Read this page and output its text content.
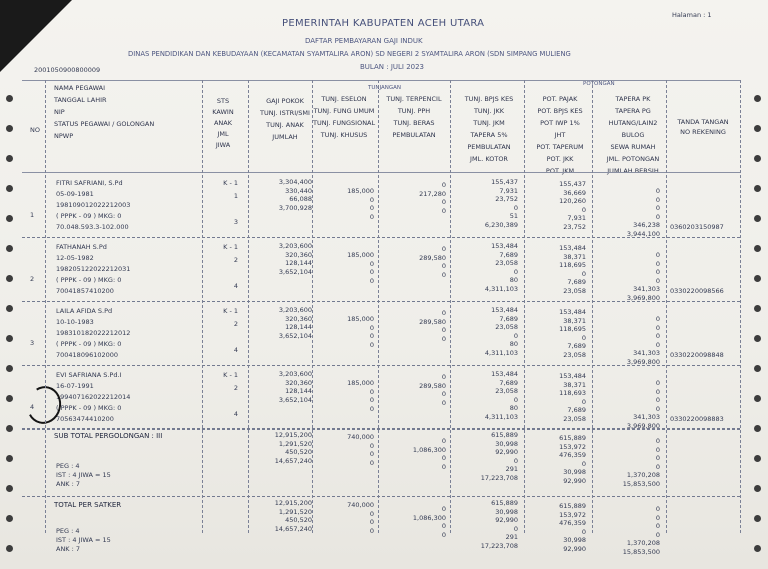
PEMERINTAH KABUPATEN ACEH UTARA
DAFTAR PEMBAYARAN GAJI INDUK
DINAS PENDIDIKAN DAN KEBUDAYAAN (KECAMATAN SYAMTALIRA ARON) SD NEGERI 2 SYAMTALIRA ARON (SDN SIMPANG MULIENG
BULAN : JULI 2023
Halaman : 1
2001050900800009
NO
NAMA PEGAWAI
TANGGAL LAHIR
NIP
STATUS PEGAWAI / GOLONGAN
NPWP
STS
KAWIN
ANAK
JML
JIWA
GAJI POKOK
TUNJ. ISTRI/SMI
TUNJ. ANAK
JUMLAH
TUNJ. ESELON
TUNJ. FUNG UMUM
TUNJ. FUNGSIONAL
TUNJ. KHUSUS
TUNJ. TERPENCIL
TUNJ. PPH
TUNJ. BERAS
PEMBULATAN
TUNJ. BPJS KES
TUNJ. JKK
TUNJ. JKM
TAPERA 5%
PEMBULATAN
JML. KOTOR
TUNJANGAN
POTONGAN
POT. PAJAK
POT. BPJS KES
POT IWP 1%
JHT
POT. TAPERUM
POT. JKK
POT. JKM
TAPERA PK
TAPERA PG
HUTANG/LAIN2
BULOG
SEWA RUMAH
JML. POTONGAN
JUMLAH BERSIH
TANDA TANGAN
NO REKENING
1
FITRI SAFRIANI, S.Pd
05-09-1981
198109012022212003
( PPPK - 09 ) MKG: 0
70.048.593.3-102.000
K - 1
1
3
3,304,400
330,440
66,088
3,700,928
185,000
0
0
0
0
217,280
0
0
155,437
7,931
23,752
0
51
6,230,389
155,437
36,669
120,260
0
7,931
23,752
0
0
0
0
346,238
3,944,100
0360203150987
2
FATHANAH S.Pd
12-05-1982
198205122022212031
( PPPK - 09 ) MKG: 0
70041857410200
K - 1
2
4
3,203,600
320,360
128,144
3,652,104
185,000
0
0
0
0
289,580
0
0
153,484
7,689
23,058
0
80
4,311,103
153,484
38,371
118,695
0
7,689
23,058
0
0
0
0
341,303
3,969,800
0330220098566
3
LAILA AFIDA S.Pd
10-10-1983
198310182022212012
( PPPK - 09 ) MKG: 0
700418096102000
K - 1
2
4
3,203,600
320,360
128,144
3,652,104
185,000
0
0
0
0
289,580
0
0
153,484
7,689
23,058
0
80
4,311,103
153,484
38,371
118,695
0
7,689
23,058
0
0
0
0
341,303
3,969,800
0330220098848
4
EVI SAFRIANA S.Pd.I
16-07-1991
199407162022212014
( PPPK - 09 ) MKG: 0
70563474410200
K - 1
2
4
3,203,600
320,360
128,144
3,652,104
185,000
0
0
0
0
289,580
0
0
153,484
7,689
23,058
0
80
4,311,103
153,484
38,371
118,693
0
7,689
23,058
0
0
0
0
341,303
3,969,800
0330220098883
SUB TOTAL PERGOLONGAN : III
PEG : 4
IST : 4 JIWA = 15
ANK : 7
12,915,200
1,291,520
450,520
14,657,240
740,000
0
0
0
0
1,086,300
0
0
615,889
30,998
92,990
0
291
17,223,708
615,889
153,972
476,359
0
30,998
92,990
0
0
0
0
1,370,208
15,853,500
TOTAL PER SATKER
PEG : 4
IST : 4 JIWA = 15
ANK : 7
12,915,200
1,291,520
450,520
14,657,240
740,000
0
0
0
0
1,086,300
0
0
615,889
30,998
92,990
0
291
17,223,708
615,889
153,972
476,359
0
30,998
92,990
0
0
0
0
1,370,208
15,853,500
